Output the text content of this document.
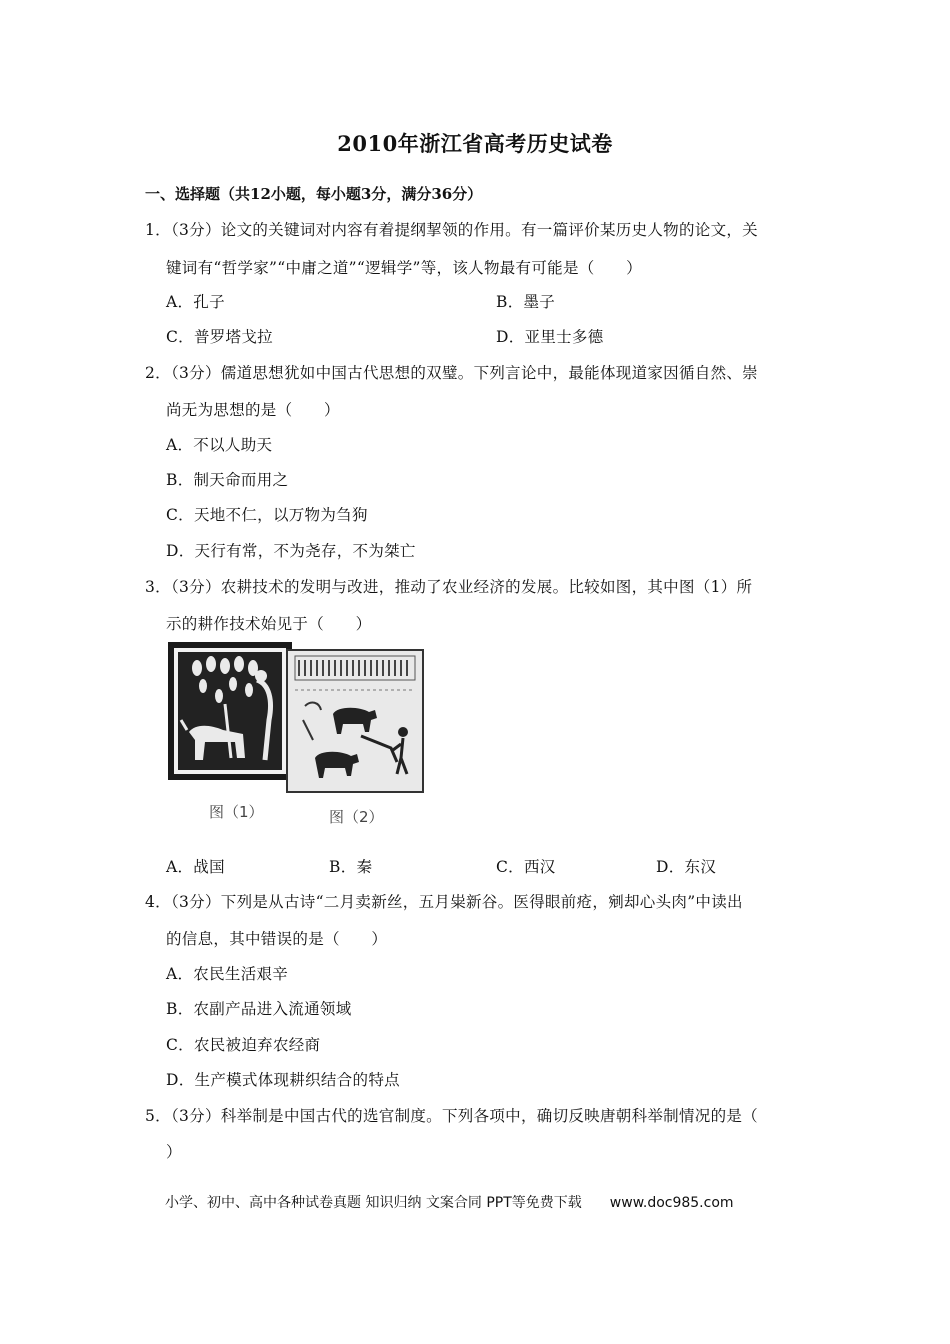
2010年浙江省高考历史试卷
一、选择题（共12小题，每小题3分，满分36分）
1．（3分）论文的关键词对内容有着提纲挈领的作用。有一篇评价某历史人物的论文，关
键词有“哲学家”“中庸之道”“逻辑学”等，该人物最有可能是（　　）
A．孔子	B．墨子
C．普罗塔戈拉	D．亚里士多德
2．（3分）儒道思想犹如中国古代思想的双璧。下列言论中，最能体现道家因循自然、崇
尚无为思想的是（　　）
A．不以人助天
B．制天命而用之
C．天地不仁，以万物为刍狗
D．天行有常，不为尧存，不为桀亡
3．（3分）农耕技术的发明与改进，推动了农业经济的发展。比较如图，其中图（1）所
示的耕作技术始见于（　　）
图（1）	图（2）
A．战国	B．秦	C．西汉	D．东汉
4．（3分）下列是从古诗“二月卖新丝，五月粜新谷。医得眼前疮，剜却心头肉”中读出
的信息，其中错误的是（　　）
A．农民生活艰辛
B．农副产品进入流通领域
C．农民被迫弃农经商
D．生产模式体现耕织结合的特点
5．（3分）科举制是中国古代的选官制度。下列各项中，确切反映唐朝科举制情况的是（
）
小学、初中、高中各种试卷真题 知识归纳 文案合同 PPT等免费下载 www.doc985.com
